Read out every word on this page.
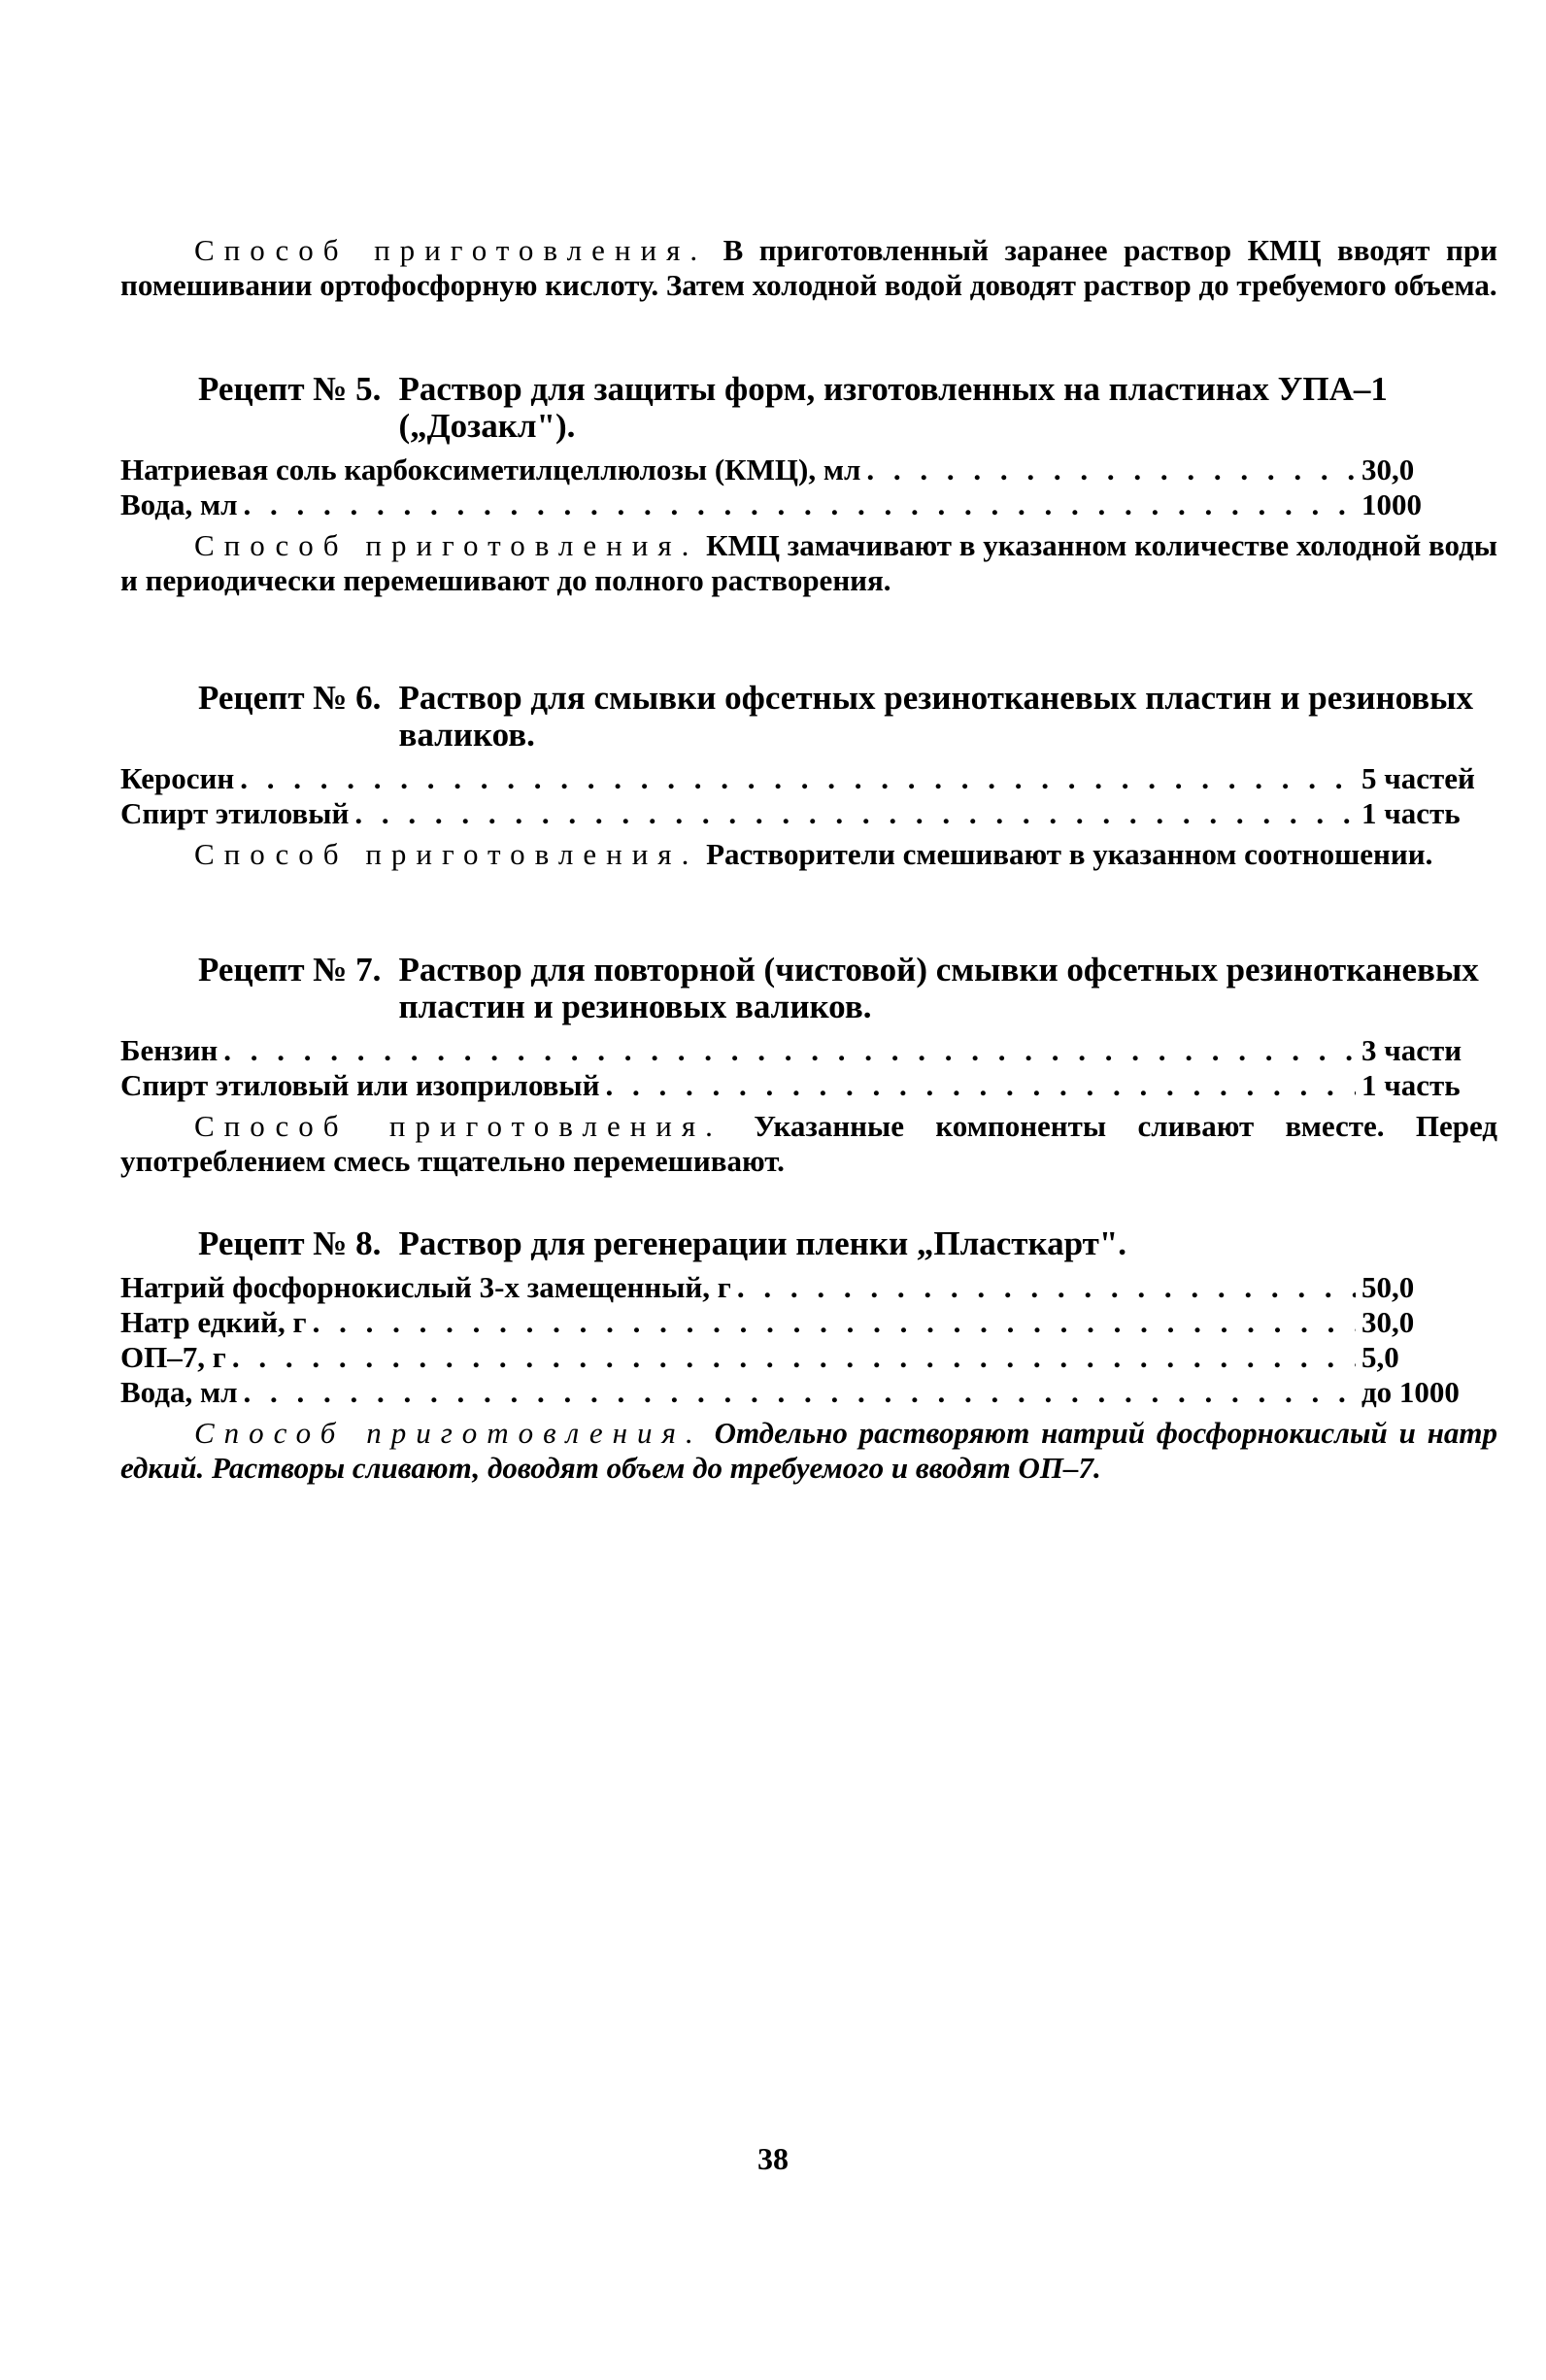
Способ приготовления. В приготовленный заранее раствор КМЦ вводят при помешивании ортофосфорную кислоту. Затем холодной водой доводят раствор до требуемого объема.

Рецепт № 5. Раствор для защиты форм, изготовленных на пластинах УПА–1 („Дозакл").
Натриевая соль карбоксиметилцеллюлозы (КМЦ), мл . . .	30,0
Вода, мл . . .	1000

Способ приготовления. КМЦ замачивают в указанном количестве холодной воды и периодически перемешивают до полного растворения.

Рецепт № 6. Раствор для смывки офсетных резинотканевых пластин и резиновых валиков.
Керосин . . .	5 частей
Спирт этиловый . . .	1 часть

Способ приготовления. Растворители смешивают в указанном соотношении.

Рецепт № 7. Раствор для повторной (чистовой) смывки офсетных резинотканевых пластин и резиновых валиков.
Бензин . . .	3 части
Спирт этиловый или изоприловый . . .	1 часть

Способ приготовления. Указанные компоненты сливают вместе. Перед употреблением смесь тщательно перемешивают.

Рецепт № 8. Раствор для регенерации пленки „Пласткарт".
Натрий фосфорнокислый 3-х замещенный, г . . .	50,0
Натр едкий, г . . .	30,0
ОП–7, г . . .	5,0
Вода, мл . . .	до 1000

Способ приготовления. Отдельно растворяют натрий фосфорнокислый и натр едкий. Растворы сливают, доводят объем до требуемого и вводят ОП–7.

38
